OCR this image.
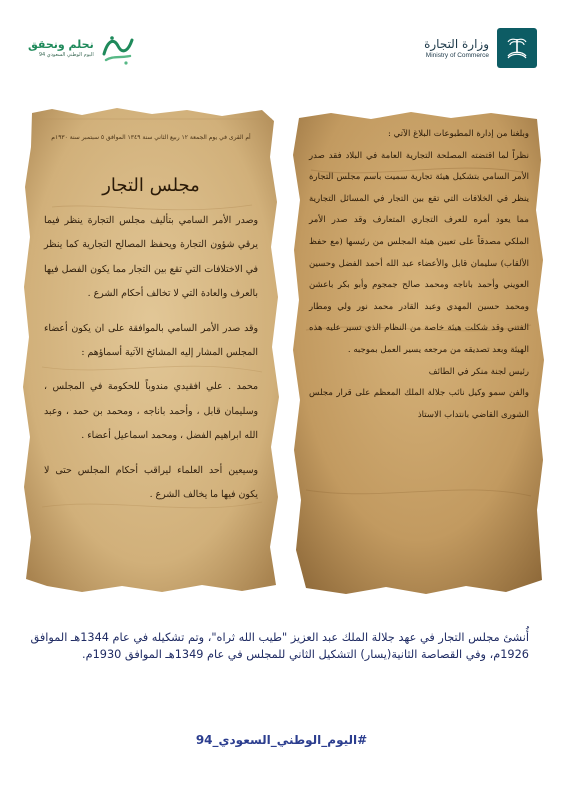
وزارة التجارة
Ministry of Commerce
نحلم ونحقق
اليوم الوطني السعودي 94
أم القرى في يوم الجمعة ١٢ ربيع الثاني سنة ١٣٤٩ الموافق ٥ سبتمبر سنة ١٩٣٠م
مجلس التجار

وصدر الأمر السامي بتأليف مجلس التجارة ينظر فيما يرقي شؤون التجارة ويحفظ المصالح التجارية كما ينظر في الاختلافات التي تقع بين التجار مما يكون الفصل فيها بالعرف والعادة التي لا تخالف أحكام الشرع .

وقد صدر الأمر السامي بالموافقة على ان يكون أعضاء المجلس المشار إليه المشائخ الآتية أسماؤهم :

محمد . علي افقيدي مندوباً للحكومة في المجلس ، وسليمان قابل ، وأحمد باناجه ، ومحمد بن حمد ، وعبد الله ابراهيم الفضل ، ومحمد اسماعيل أعضاء .

وسيعين أحد العلماء ليراقب أحكام المجلس حتى لا يكون فيها ما يخالف الشرع .

وبلغنا من إدارة المطبوعات البلاغ الآتي :

نظراً لما اقتضته المصلحة التجارية العامة في البلاد فقد صدر الأمر السامي بتشكيل هيئة تجارية سميت باسم مجلس التجارة ينظر في الخلافات التي تقع بين التجار في المسائل التجارية مما يعود أمره للعرف التجاري المتعارف وقد صدر الأمر الملكي مصدقاً على تعيين هيئة المجلس من رئيسها (مع حفظ الألقاب) سليمان قابل والأعضاء عبد الله أحمد الفضل وحسين العويني وأحمد باناجه ومحمد صالح جمجوم وأبو بكر باعشن ومحمد حسين المهدي وعبد القادر محمد نور ولي ومطار الفتني وقد شكلت هيئة خاصة من النظام الذي تسير عليه هذه الهيئة وبعد تصديقه من مرجعه يسير العمل بموجبه .

رئيس لجنة منكر في الطائف

والفن سمو وكيل نائب جلالة الملك المعظم على قرار مجلس الشورى القاضي بانتداب الاستاذ

أُنشئ مجلس التجار في عهد جلالة الملك عبد العزيز "طيب الله ثراه"، وتم تشكيله في عام 1344هـ الموافق 1926م، وفي القصاصة الثانية(يسار) التشكيل الثاني للمجلس في عام 1349هـ الموافق 1930م.
#اليوم_الوطني_السعودي_94
